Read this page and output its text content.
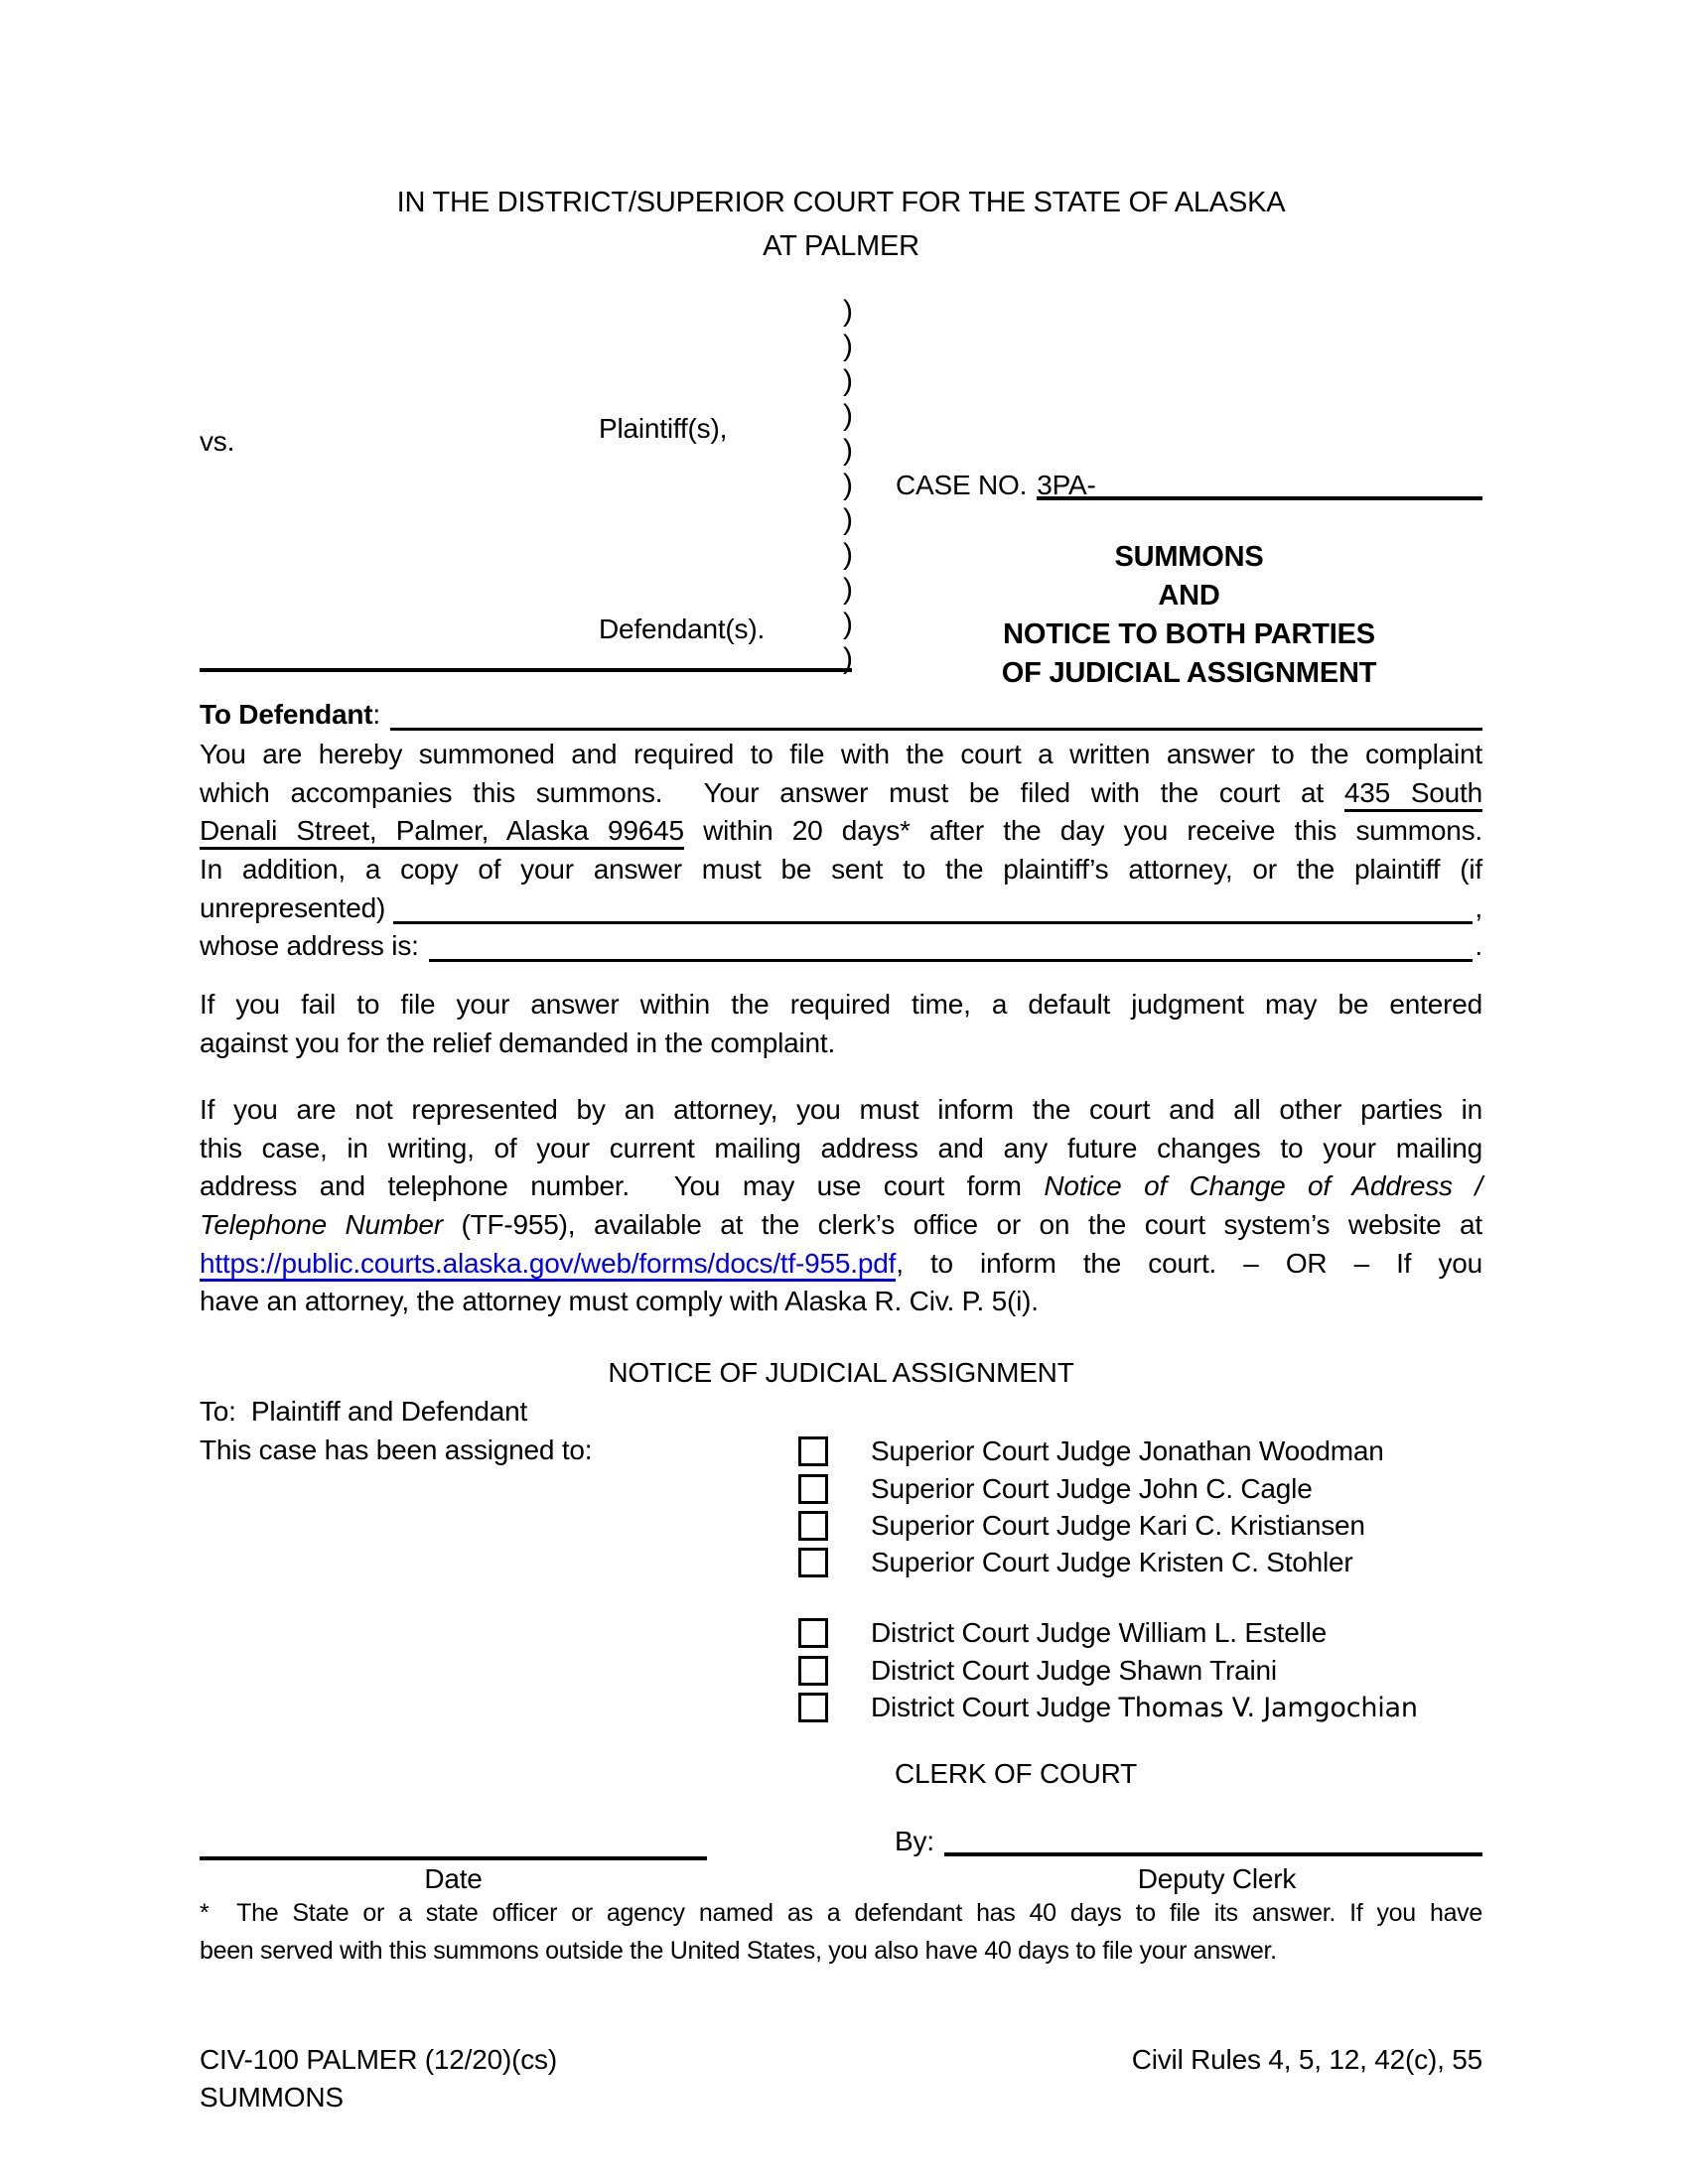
IN THE DISTRICT/SUPERIOR COURT FOR THE STATE OF ALASKA
AT PALMER
Plaintiff(s),
vs.
Defendant(s).
)
)
)
)
)
)
)
)
)
)
)
CASE NO. 3PA-
SUMMONS
AND
NOTICE TO BOTH PARTIES
OF JUDICIAL ASSIGNMENT
To Defendant :
You are hereby summoned and required to file with the court a written answer to the complaint
which accompanies this summons.  Your answer must be filed with the court at 435 South
Denali Street, Palmer, Alaska 99645 within 20 days* after the day you receive this summons.
In addition, a copy of your answer must be sent to the plaintiff’s attorney, or the plaintiff (if
unrepresented)	,
whose address is:	.
If you fail to file your answer within the required time, a default judgment may be entered
against you for the relief demanded in the complaint.
If you are not represented by an attorney, you must inform the court and all other parties in
this case, in writing, of your current mailing address and any future changes to your mailing
address and telephone number.  You may use court form Notice of Change of Address /
Telephone Number (TF-955), available at the clerk’s office or on the court system’s website at
https://public.courts.alaska.gov/web/forms/docs/tf-955.pdf, to inform the court. – OR – If you
have an attorney, the attorney must comply with Alaska R. Civ. P. 5(i).
NOTICE OF JUDICIAL ASSIGNMENT
To:  Plaintiff and Defendant
This case has been assigned to:	Superior Court Judge Jonathan Woodman
Superior Court Judge John C. Cagle
Superior Court Judge Kari C. Kristiansen
Superior Court Judge Kristen C. Stohler
District Court Judge William L. Estelle
District Court Judge Shawn Traini
District Court Judge Thomas V. Jamgochian
CLERK OF COURT
By:
Date	Deputy Clerk
*  The State or a state officer or agency named as a defendant has 40 days to file its answer. If you have
been served with this summons outside the United States, you also have 40 days to file your answer.
CIV-100 PALMER (12/20)(cs)
SUMMONS
Civil Rules 4, 5, 12, 42(c), 55
